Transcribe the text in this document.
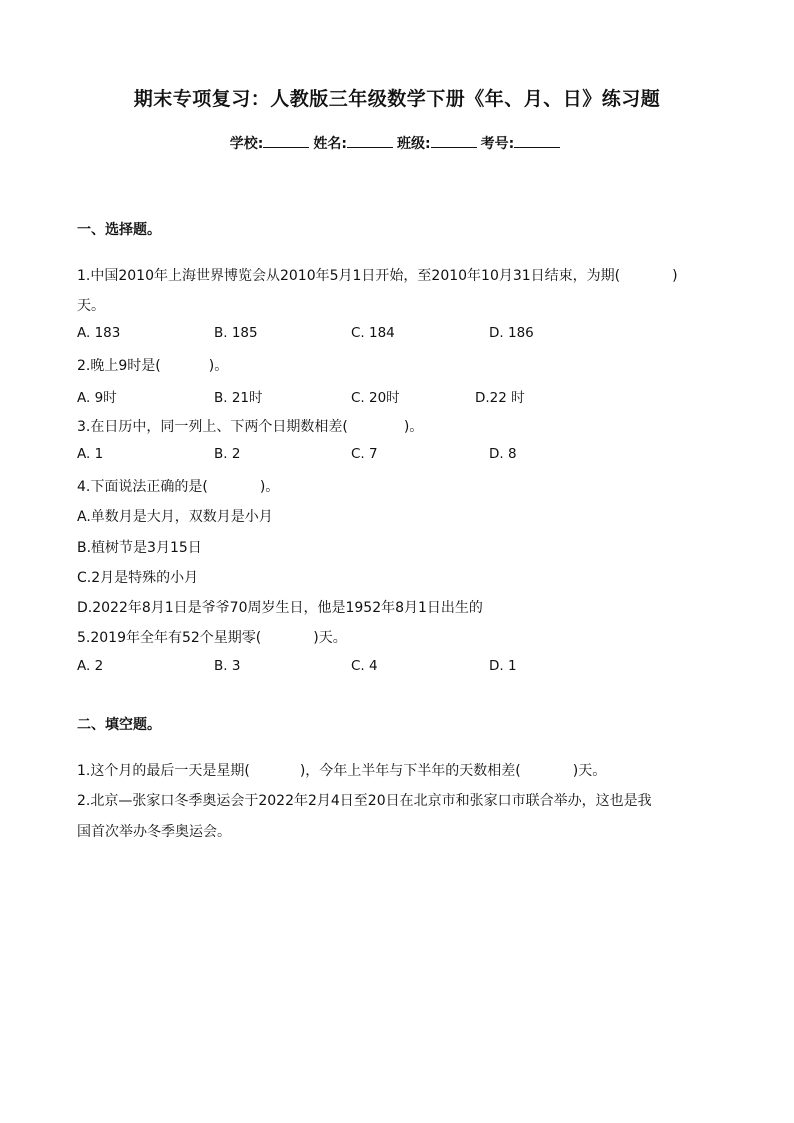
期末专项复习：人教版三年级数学下册《年、月、日》练习题
学校:	姓名:	班级:	考号:
一、选择题。
1.中国2010年上海世界博览会从2010年5月1日开始，至2010年10月31日结束，为期(	)
天。
A. 183	B. 185	C. 184	D. 186
2.晚上9时是(	)。
A. 9时	B. 21时	C. 20时	D.22 时
3.在日历中，同一列上、下两个日期数相差(	)。
A. 1	B. 2	C. 7	D. 8
4.下面说法正确的是(	)。
A.单数月是大月，双数月是小月
B.植树节是3月15日
C.2月是特殊的小月
D.2022年8月1日是爷爷70周岁生日，他是1952年8月1日出生的
5.2019年全年有52个星期零(	)天。
A. 2	B. 3	C. 4	D. 1
二、填空题。
1.这个月的最后一天是星期(	)，今年上半年与下半年的天数相差(	)天。
2.北京—张家口冬季奥运会于2022年2月4日至20日在北京市和张家口市联合举办，这也是我
国首次举办冬季奥运会。
